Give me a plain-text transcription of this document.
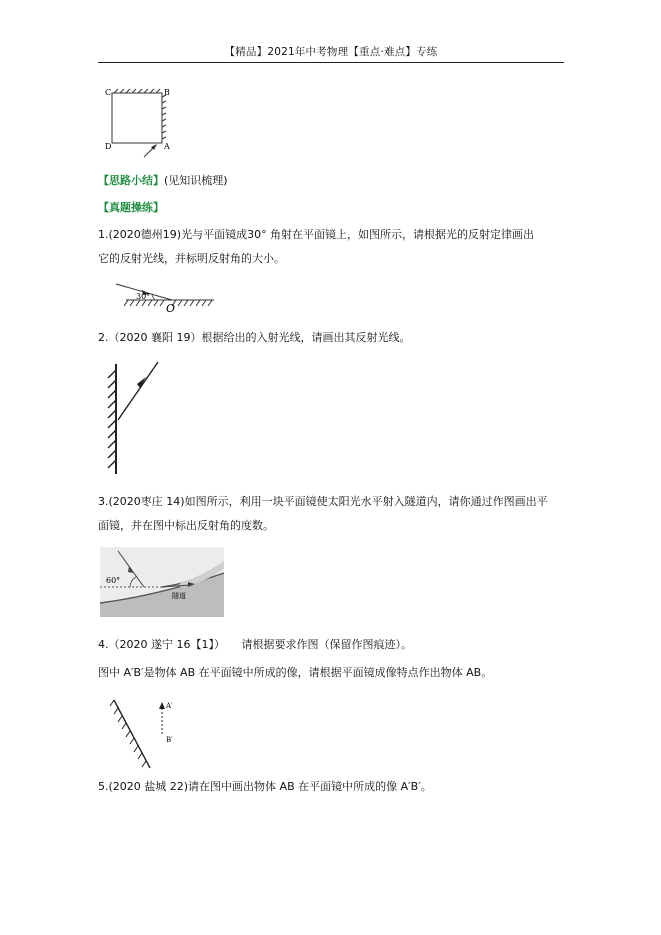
【精品】2021年中考物理【重点·难点】专练
C	B
D	A
【思路小结】(见知识梳理)
【真题操练】
1.(2020德州19)光与平面镜成30° 角射在平面镜上，如图所示，请根据光的反射定律画出
它的反射光线，并标明反射角的大小。
30°
O
2.（2020 襄阳 19）根据给出的入射光线，请画出其反射光线。
3.(2020枣庄 14)如图所示，利用一块平面镜使太阳光水平射入隧道内，请你通过作图画出平
面镜，并在图中标出反射角的度数。
60°
隧道
4.（2020 遂宁 16【1】）　　请根据要求作图（保留作图痕迹）。
图中 A′B′是物体 AB 在平面镜中所成的像，请根据平面镜成像特点作出物体 AB。
A′
B′
5.(2020 盐城 22)请在图中画出物体 AB 在平面镜中所成的像 A′B′。
